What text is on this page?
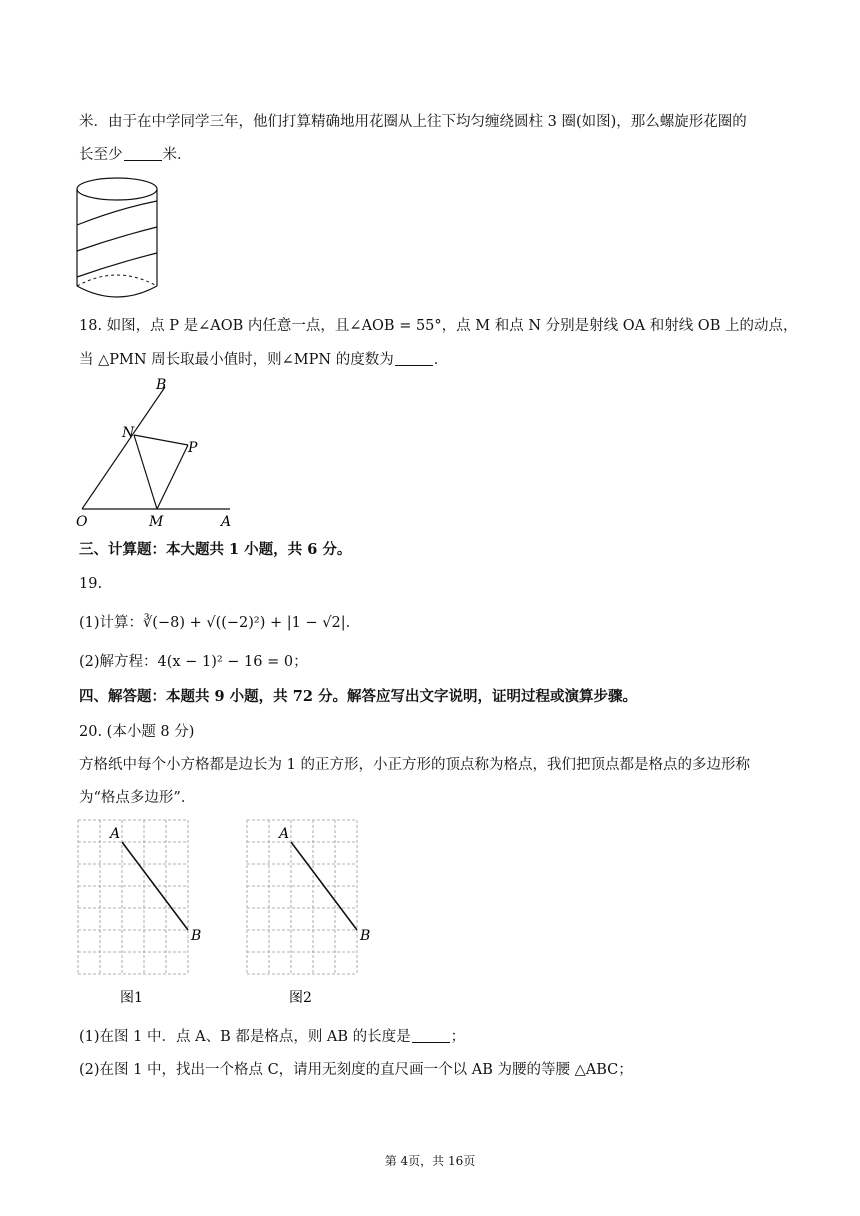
米．由于在中学同学三年，他们打算精确地用花圈从上往下均匀缠绕圆柱 3 圈(如图)，那么螺旋形花圈的
长至少	米．
18. 如图，点 P 是∠AOB 内任意一点，且∠AOB = 55°，点 M 和点 N 分别是射线 OA 和射线 OB 上的动点，
当 △PMN 周长取最小值时，则∠MPN 的度数为	．
B
N
P
O	M	A
三、计算题：本大题共 1 小题，共 6 分。
19.
(1)计算：∛(−8) + √((−2)²) + |1 − √2|．
(2)解方程：4(x − 1)² − 16 = 0；
四、解答题：本题共 9 小题，共 72 分。解答应写出文字说明，证明过程或演算步骤。
20. (本小题 8 分)
方格纸中每个小方格都是边长为 1 的正方形，小正方形的顶点称为格点，我们把顶点都是格点的多边形称
为“格点多边形”．
A
B
图1
A
B
图2
(1)在图 1 中．点 A、B 都是格点，则 AB 的长度是	；
(2)在图 1 中，找出一个格点 C，请用无刻度的直尺画一个以 AB 为腰的等腰 △ABC；
第 4页，共 16页
